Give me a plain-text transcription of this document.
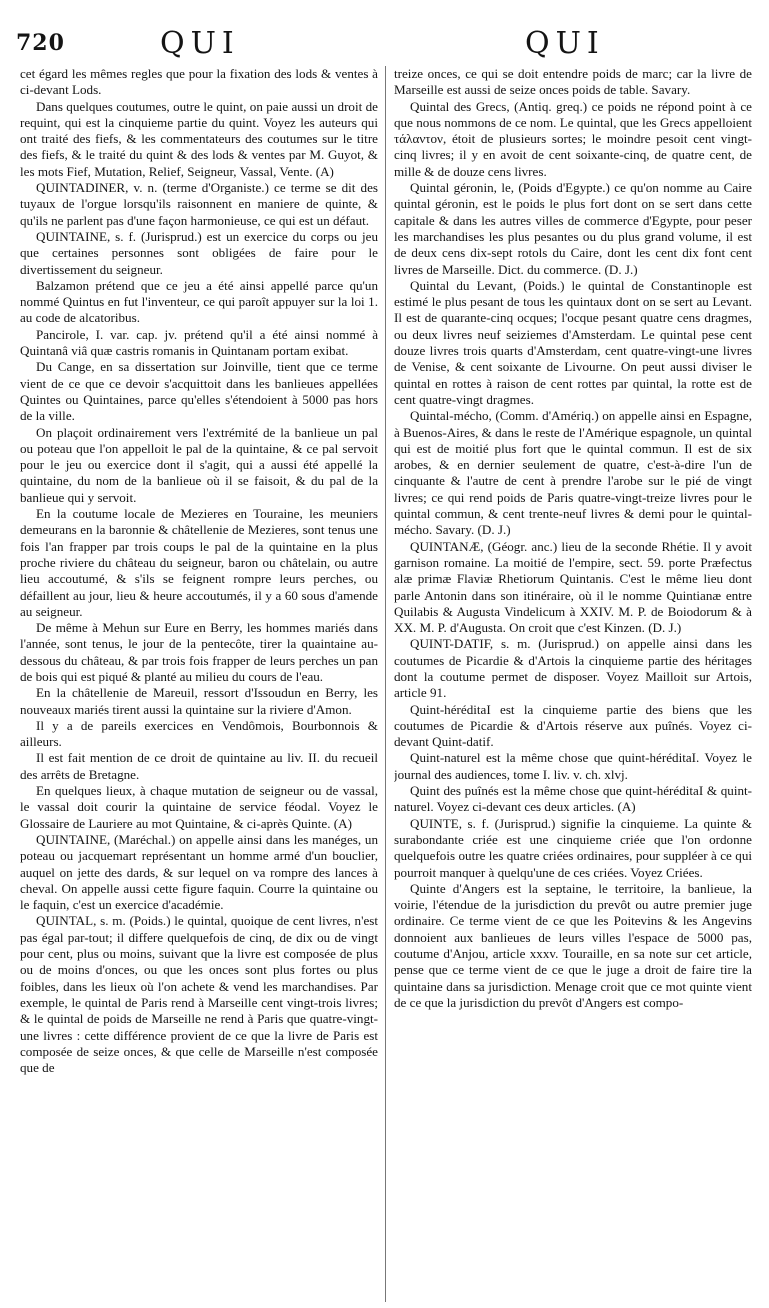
720	QUI	QUI

cet égard les mêmes regles que pour la fixation des lods & ventes à ci-devant Lods.

Dans quelques coutumes, outre le quint, on paie aussi un droit de requint, qui est la cinquieme partie du quint. Voyez les auteurs qui ont traité des fiefs, & les commentateurs des coutumes sur le titre des fiefs, & le traité du quint & des lods & ventes par M. Guyot, & les mots Fief, Mutation, Relief, Seigneur, Vassal, Vente. (A)

QUINTADINER, v. n. (terme d'Organiste.) ce terme se dit des tuyaux de l'orgue lorsqu'ils raisonnent en maniere de quinte, & qu'ils ne parlent pas d'une façon harmonieuse, ce qui est un défaut.

QUINTAINE, s. f. (Jurisprud.) est un exercice du corps ou jeu que certaines personnes sont obligées de faire pour le divertissement du seigneur.

Balzamon prétend que ce jeu a été ainsi appellé parce qu'un nommé Quintus en fut l'inventeur, ce qui paroît appuyer sur la loi 1. au code de alcatoribus.

Pancirole, I. var. cap. jv. prétend qu'il a été ainsi nommé à Quintanâ viâ quæ castris romanis in Quintanam portam exibat.

Du Cange, en sa dissertation sur Joinville, tient que ce terme vient de ce que ce devoir s'acquittoit dans les banlieues appellées Quintes ou Quintaines, parce qu'elles s'étendoient à 5000 pas hors de la ville.

On plaçoit ordinairement vers l'extrémité de la banlieue un pal ou poteau que l'on appelloit le pal de la quintaine, & ce pal servoit pour le jeu ou exercice dont il s'agit, qui a aussi été appellé la quintaine, du nom de la banlieue où il se faisoit, & du pal de la banlieue qui y servoit.

En la coutume locale de Mezieres en Touraine, les meuniers demeurans en la baronnie & châtellenie de Mezieres, sont tenus une fois l'an frapper par trois coups le pal de la quintaine en la plus proche riviere du château du seigneur, baron ou châtelain, ou autre lieu accoutumé, & s'ils se feignent rompre leurs perches, ou défaillent au jour, lieu & heure accoutumés, il y a 60 sous d'amende au seigneur.

De même à Mehun sur Eure en Berry, les hommes mariés dans l'année, sont tenus, le jour de la pentecôte, tirer la quaintaine au-dessous du château, & par trois fois frapper de leurs perches un pan de bois qui est piqué & planté au milieu du cours de l'eau.

En la châtellenie de Mareuil, ressort d'Issoudun en Berry, les nouveaux mariés tirent aussi la quintaine sur la riviere d'Amon.

Il y a de pareils exercices en Vendômois, Bourbonnois & ailleurs.

Il est fait mention de ce droit de quintaine au liv. II. du recueil des arrêts de Bretagne.

En quelques lieux, à chaque mutation de seigneur ou de vassal, le vassal doit courir la quintaine de service féodal. Voyez le Glossaire de Lauriere au mot Quintaine, & ci-après Quinte. (A)

QUINTAINE, (Maréchal.) on appelle ainsi dans les manéges, un poteau ou jacquemart représentant un homme armé d'un bouclier, auquel on jette des dards, & sur lequel on va rompre des lances à cheval. On appelle aussi cette figure faquin. Courre la quintaine ou le faquin, c'est un exercice d'académie.

QUINTAL, s. m. (Poids.) le quintal, quoique de cent livres, n'est pas égal par-tout; il differe quelquefois de cinq, de dix ou de vingt pour cent, plus ou moins, suivant que la livre est composée de plus ou de moins d'onces, ou que les onces sont plus fortes ou plus foibles, dans les lieux où l'on achete & vend les marchandises. Par exemple, le quintal de Paris rend à Marseille cent vingt-trois livres; & le quintal de poids de Marseille ne rend à Paris que quatre-vingt-une livres : cette différence provient de ce que la livre de Paris est composée de seize onces, & que celle de Marseille n'est composée que de

treize onces, ce qui se doit entendre poids de marc; car la livre de Marseille est aussi de seize onces poids de table. Savary.

Quintal des Grecs, (Antiq. greq.) ce poids ne répond point à ce que nous nommons de ce nom. Le quintal, que les Grecs appelloient τάλαντον, étoit de plusieurs sortes; le moindre pesoit cent vingt-cinq livres; il y en avoit de cent soixante-cinq, de quatre cent, de mille & de douze cens livres.

Quintal géronin, le, (Poids d'Egypte.) ce qu'on nomme au Caire quintal géronin, est le poids le plus fort dont on se sert dans cette capitale & dans les autres villes de commerce d'Egypte, pour peser les marchandises les plus pesantes ou du plus grand volume, il est de deux cens dix-sept rotols du Caire, dont les cent dix font cent livres de Marseille. Dict. du commerce. (D. J.)

Quintal du Levant, (Poids.) le quintal de Constantinople est estimé le plus pesant de tous les quintaux dont on se sert au Levant. Il est de quarante-cinq ocques; l'ocque pesant quatre cens dragmes, ou deux livres neuf seiziemes d'Amsterdam. Le quintal pese cent douze livres trois quarts d'Amsterdam, cent quatre-vingt-une livres de Venise, & cent soixante de Livourne. On peut aussi diviser le quintal en rottes à raison de cent rottes par quintal, la rotte est de cent quatre-vingt dragmes.

Quintal-mécho, (Comm. d'Amériq.) on appelle ainsi en Espagne, à Buenos-Aires, & dans le reste de l'Amérique espagnole, un quintal qui est de moitié plus fort que le quintal commun. Il est de six arobes, & en dernier seulement de quatre, c'est-à-dire l'un de cinquante & l'autre de cent à prendre l'arobe sur le pié de vingt livres; ce qui rend poids de Paris quatre-vingt-treize livres pour le quintal commun, & cent trente-neuf livres & demi pour le quintal-mécho. Savary. (D. J.)

QUINTANÆ, (Géogr. anc.) lieu de la seconde Rhétie. Il y avoit garnison romaine. La moitié de l'empire, sect. 59. porte Præfectus alæ primæ Flaviæ Rhetiorum Quintanis. C'est le même lieu dont parle Antonin dans son itinéraire, où il le nomme Quintianæ entre Quilabis & Augusta Vindelicum à XXIV. M. P. de Boiodorum & à XX. M. P. d'Augusta. On croit que c'est Kinzen. (D. J.)

QUINT-DATIF, s. m. (Jurisprud.) on appelle ainsi dans les coutumes de Picardie & d'Artois la cinquieme partie des héritages dont la coutume permet de disposer. Voyez Mailloit sur Artois, article 91.

Quint-héréditaI est la cinquieme partie des biens que les coutumes de Picardie & d'Artois réserve aux puînés. Voyez ci-devant Quint-datif.

Quint-naturel est la même chose que quint-héréditaI. Voyez le journal des audiences, tome I. liv. v. ch. xlvj.

Quint des puînés est la même chose que quint-héréditaI & quint-naturel. Voyez ci-devant ces deux articles. (A)

QUINTE, s. f. (Jurisprud.) signifie la cinquieme. La quinte & surabondante criée est une cinquieme criée que l'on ordonne quelquefois outre les quatre criées ordinaires, pour suppléer à ce qui pourroit manquer à quelqu'une de ces criées. Voyez Criées.

Quinte d'Angers est la septaine, le territoire, la banlieue, la voirie, l'étendue de la jurisdiction du prevôt ou autre premier juge ordinaire. Ce terme vient de ce que les Poitevins & les Angevins donnoient aux banlieues de leurs villes l'espace de 5000 pas, coutume d'Anjou, article xxxv. Touraille, en sa note sur cet article, pense que ce terme vient de ce que le juge a droit de faire tire la quintaine dans sa jurisdiction. Menage croit que ce mot quinte vient de ce que la jurisdiction du prevôt d'Angers est compo-
